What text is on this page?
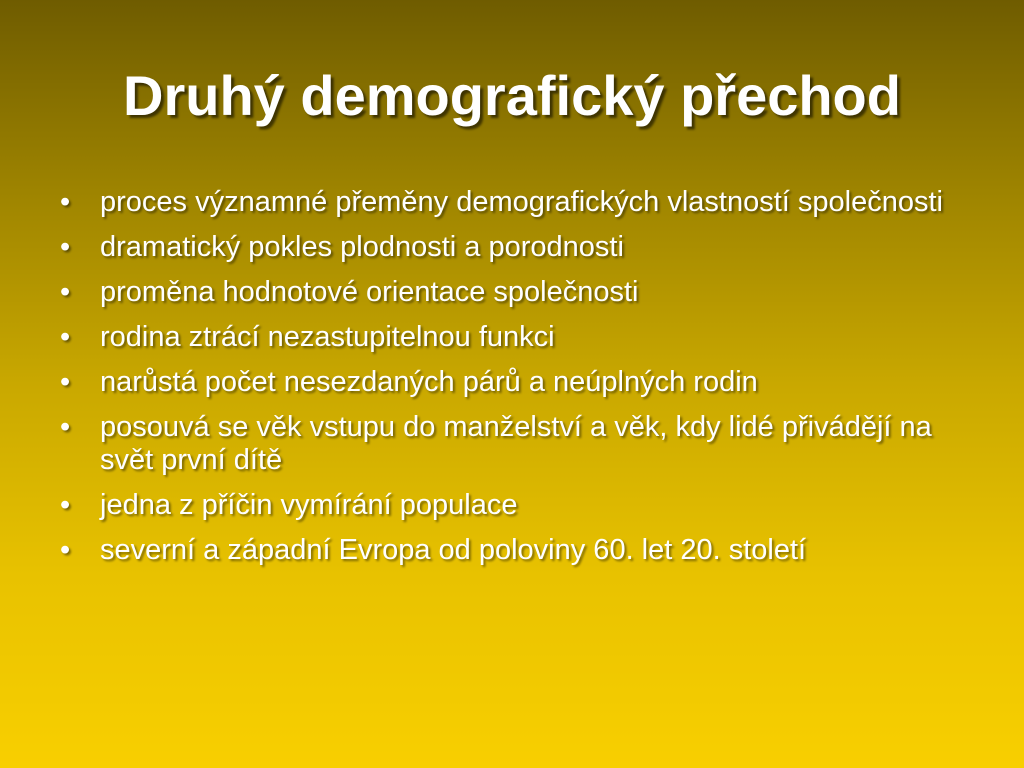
Druhý demografický přechod
• proces významné přeměny demografických vlastností společnosti
• dramatický pokles plodnosti a porodnosti
• proměna hodnotové orientace společnosti
• rodina ztrácí nezastupitelnou funkci
• narůstá počet nesezdaných párů a neúplných rodin
• posouvá se věk vstupu do manželství a věk, kdy lidé přivádějí na svět první dítě
• jedna z příčin vymírání populace
• severní a západní Evropa od poloviny 60. let 20. století
